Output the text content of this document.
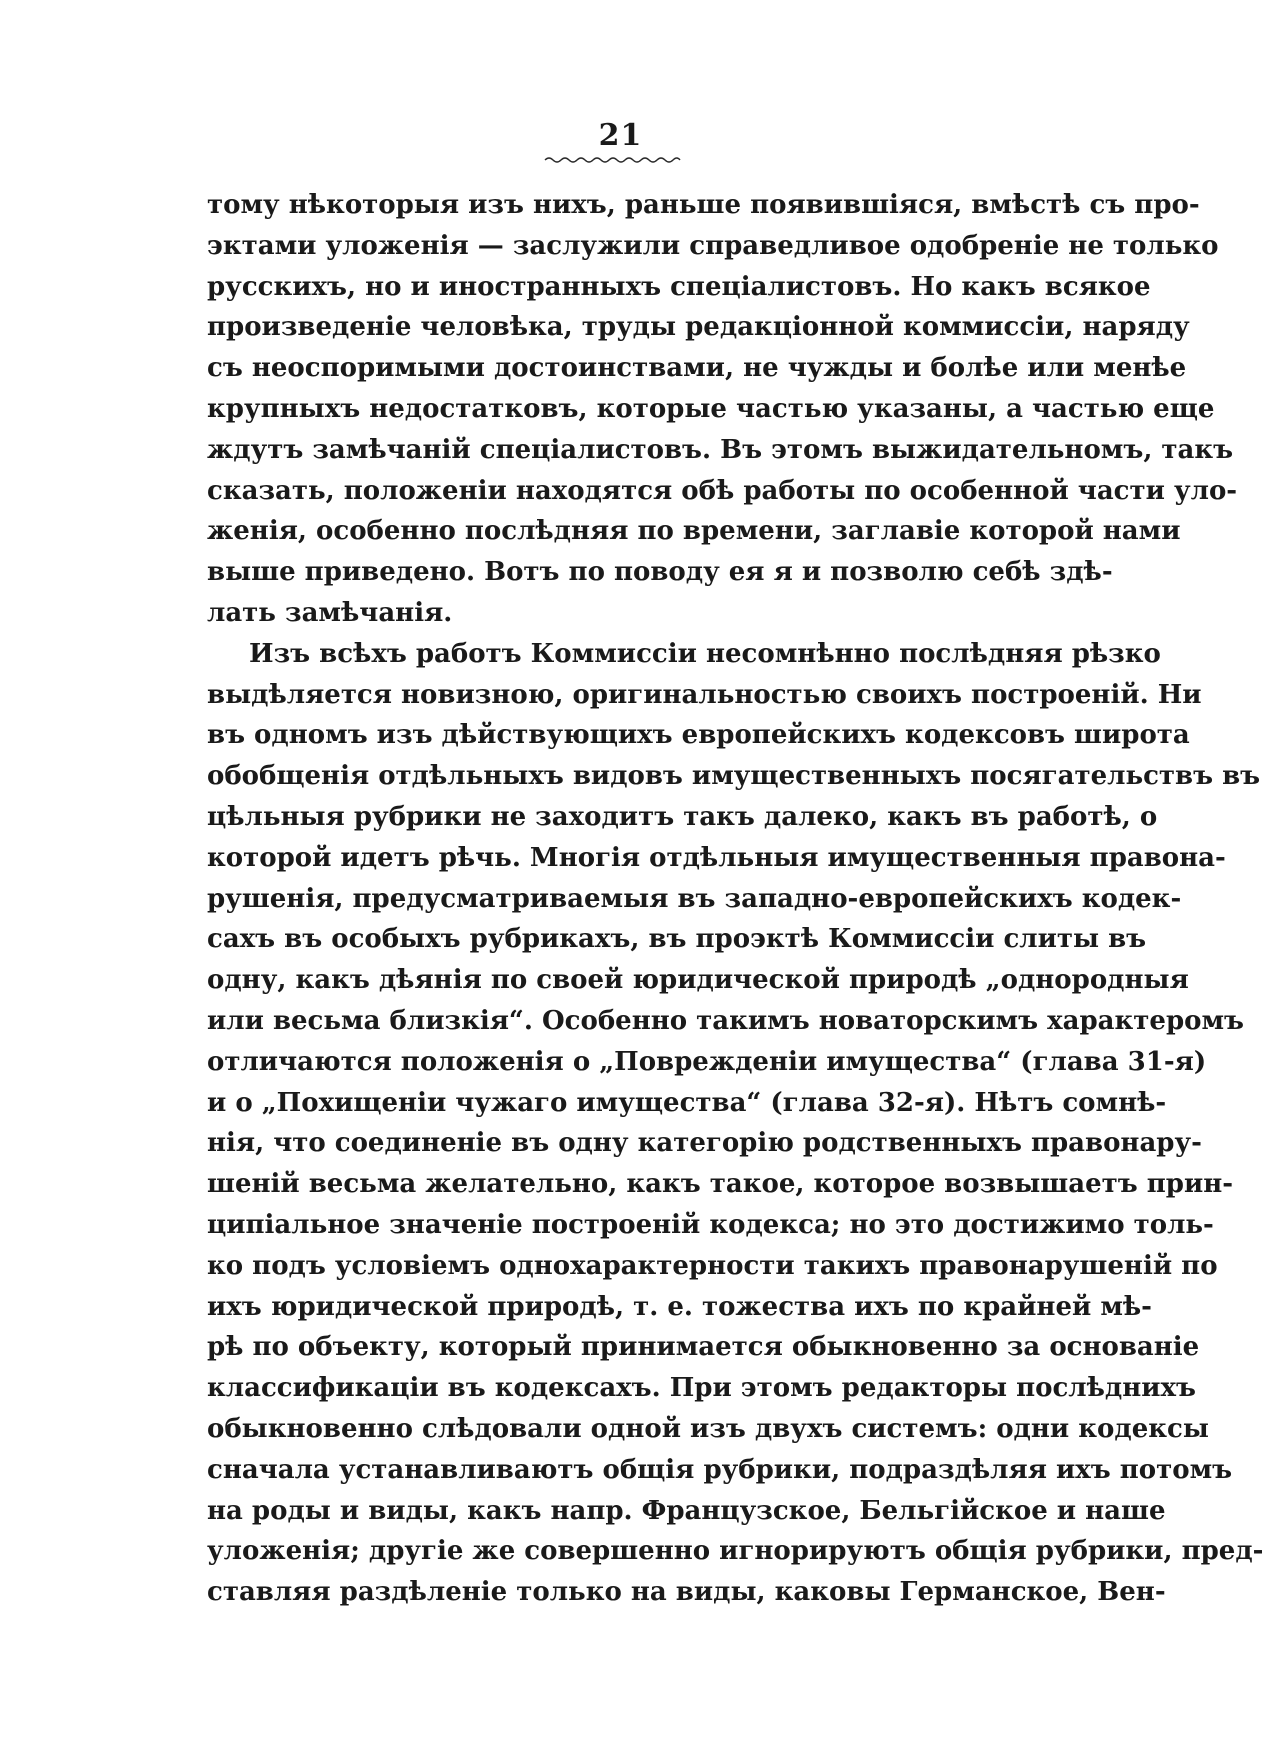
21
тому нѣкоторыя изъ нихъ, раньше появившіяся, вмѣстѣ съ про-
эктами уложенія — заслужили справедливое одобреніе не только
русскихъ, но и иностранныхъ спеціалистовъ. Но какъ всякое
произведеніе человѣка, труды редакціонной коммиссіи, наряду
съ неоспоримыми достоинствами, не чужды и болѣе или менѣе
крупныхъ недостатковъ, которые частью указаны, а частью еще
ждутъ замѣчаній спеціалистовъ. Въ этомъ выжидательномъ, такъ
сказать, положеніи находятся обѣ работы по особенной части уло-
женія, особенно послѣдняя по времени, заглавіе которой нами
выше приведено. Вотъ по поводу ея я и позволю себѣ здѣ-
лать замѣчанія.
Изъ всѣхъ работъ Коммиссіи несомнѣнно послѣдняя рѣзко
выдѣляется новизною, оригинальностью своихъ построеній. Ни
въ одномъ изъ дѣйствующихъ европейскихъ кодексовъ широта
обобщенія отдѣльныхъ видовъ имущественныхъ посягательствъ въ
цѣльныя рубрики не заходитъ такъ далеко, какъ въ работѣ, о
которой идетъ рѣчь. Многія отдѣльныя имущественныя правона-
рушенія, предусматриваемыя въ западно-европейскихъ кодек-
сахъ въ особыхъ рубрикахъ, въ проэктѣ Коммиссіи слиты въ
одну, какъ дѣянія по своей юридической природѣ „однородныя
или весьма близкія“. Особенно такимъ новаторскимъ характеромъ
отличаются положенія о „Поврежденіи имущества“ (глава 31-я)
и о „Похищеніи чужаго имущества“ (глава 32-я). Нѣтъ сомнѣ-
нія, что соединеніе въ одну категорію родственныхъ правонару-
шеній весьма желательно, какъ такое, которое возвышаетъ прин-
ципіальное значеніе построеній кодекса; но это достижимо толь-
ко подъ условіемъ однохарактерности такихъ правонарушеній по
ихъ юридической природѣ, т. е. тожества ихъ по крайней мѣ-
рѣ по объекту, который принимается обыкновенно за основаніе
классификаціи въ кодексахъ. При этомъ редакторы послѣднихъ
обыкновенно слѣдовали одной изъ двухъ системъ: одни кодексы
сначала устанавливаютъ общія рубрики, подраздѣляя ихъ потомъ
на роды и виды, какъ напр. Французское, Бельгійское и наше
уложенія; другіе же совершенно игнорируютъ общія рубрики, пред-
ставляя раздѣленіе только на виды, каковы Германское, Вен-
